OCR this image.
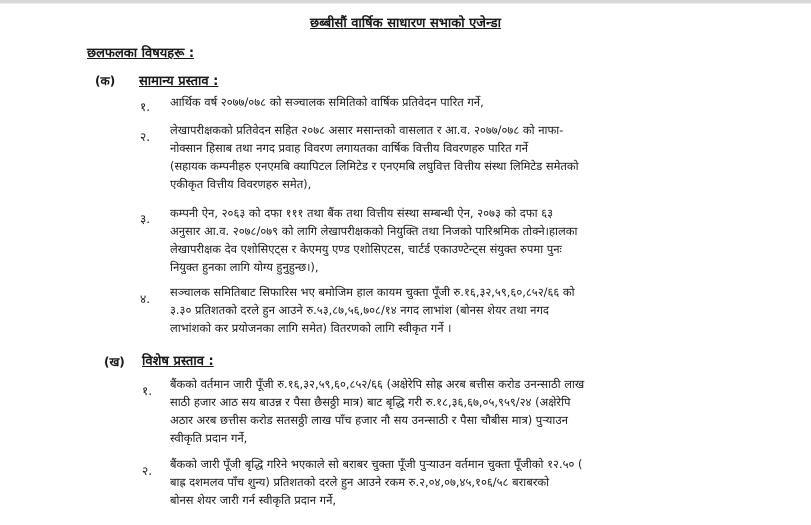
छब्बीसौं वार्षिक साधारण सभाको एजेन्डा
छलफलका विषयहरू :
(क) सामान्य प्रस्ताव :
१. आर्थिक वर्ष २०७७/०७८ को सञ्चालक समितिको वार्षिक प्रतिवेदन पारित गर्ने,
२. लेखापरीक्षकको प्रतिवेदन सहित २०७८ असार मसान्तको वासलात र आ.व. २०७७/०७८ को नाफा-
नोक्सान हिसाब तथा नगद प्रवाह विवरण लगायतका वार्षिक वित्तीय विवरणहरु पारित गर्ने
(सहायक कम्पनीहरु एनएमबि क्यापिटल लिमिटेड र एनएमबि लघुवित्त वित्तीय संस्था लिमिटेड समेतको
एकीकृत वित्तीय विवरणहरु समेत),
३. कम्पनी ऐन, २०६३ को दफा १११ तथा बैंक तथा वित्तीय संस्था सम्बन्धी ऐन, २०७३ को दफा ६३
अनुसार आ.व. २०७८/०७९ को लागि लेखापरीक्षकको नियुक्ति तथा निजको पारिश्रमिक तोक्ने।हालका
लेखापरीक्षक देव एशोसिएट्स र केएमयु एण्ड एशोसिएटस, चार्टर्ड एकाउण्टेन्ट्स संयुक्त रुपमा पुनः
नियुक्त हुनका लागि योग्य हुनुहुन्छ।),
४. सञ्चालक समितिबाट सिफारिस भए बमोजिम हाल कायम चुक्ता पूँजी रु.१६,३२,५९,६०,८५२/६६ को
३.३० प्रतिशतको दरले हुन आउने रु.५३,८७,५६,७०८/१४ नगद लाभांश (बोनस शेयर तथा नगद
लाभांशको कर प्रयोजनका लागि समेत) वितरणको लागि स्वीकृत गर्ने ।
(ख) विशेष प्रस्ताव :
१. बैंकको वर्तमान जारी पूँजी रु.१६,३२,५९,६०,८५२/६६ (अक्षेरेपि सोह्र अरब बत्तीस करोड उनन्साठी लाख
साठी हजार आठ सय बाउन्न र पैसा छैसठ्ठी मात्र) बाट बृद्धि गरी रु.१८,३६,६७,०५,९५९/२४ (अक्षेरेपि
अठार अरब छत्तीस करोड सतसठ्ठी लाख पाँच हजार नौ सय उनन्साठी र पैसा चौबीस मात्र) पुऱ्याउन
स्वीकृति प्रदान गर्ने,
२. बैंकको जारी पूँजी बृद्धि गरिने भएकाले सो बराबर चुक्ता पूँजी पुऱ्याउन वर्तमान चुक्ता पूँजीको १२.५० (
बाह्र दशमलव पाँच शुन्य) प्रतिशतको दरले हुन आउने रकम रु.२,०४,०७,४५,१०६/५८ बराबरको
बोनस शेयर जारी गर्न स्वीकृति प्रदान गर्ने,
